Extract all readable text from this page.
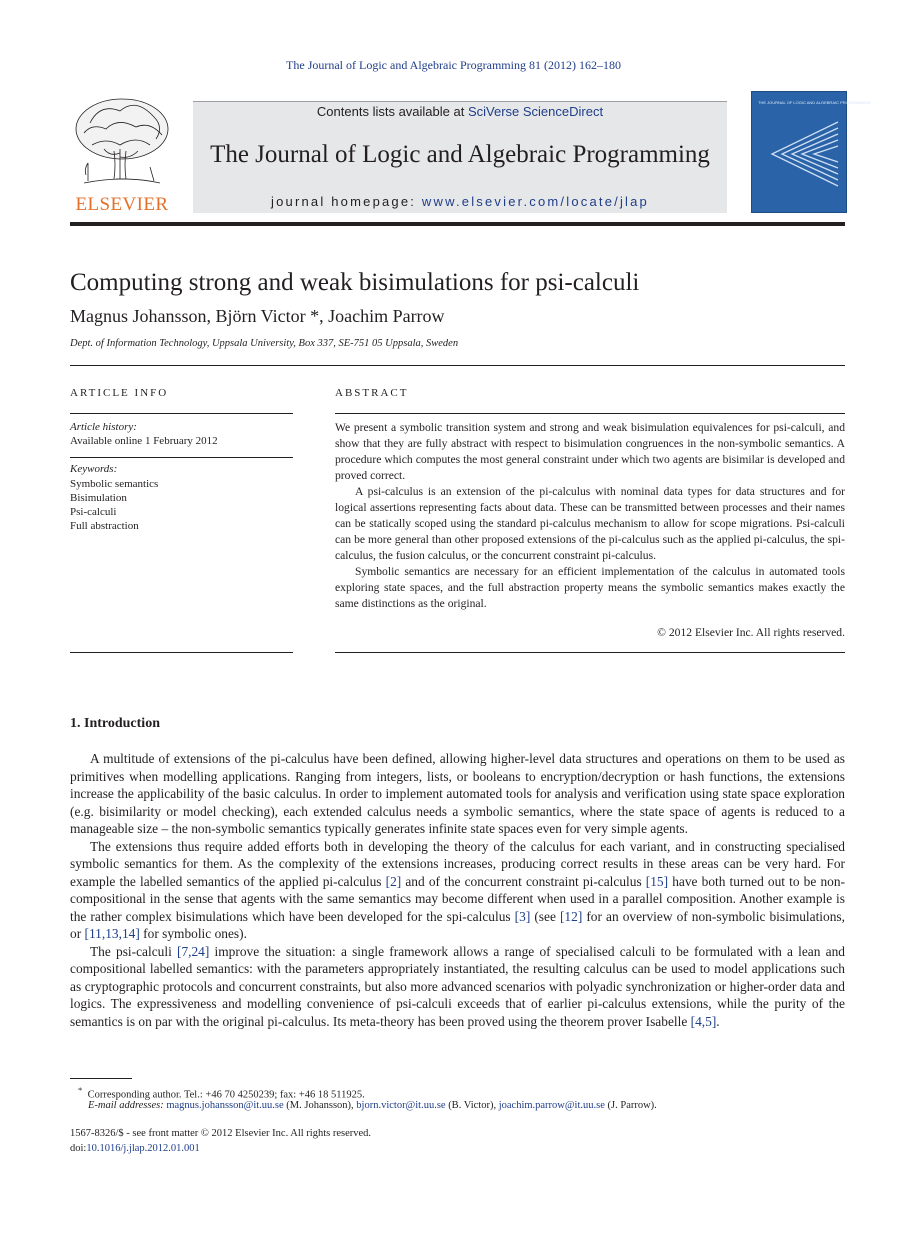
The Journal of Logic and Algebraic Programming 81 (2012) 162–180
ELSEVIER
Contents lists available at SciVerse ScienceDirect
The Journal of Logic and Algebraic Programming
journal homepage: www.elsevier.com/locate/jlap
THE JOURNAL OF LOGIC AND ALGEBRAIC PROGRAMMING
Computing strong and weak bisimulations for psi-calculi
Magnus Johansson, Björn Victor *, Joachim Parrow
Dept. of Information Technology, Uppsala University, Box 337, SE-751 05 Uppsala, Sweden
ARTICLE INFO	ABSTRACT
Article history:
Available online 1 February 2012
Keywords:
Symbolic semantics
Bisimulation
Psi-calculi
Full abstraction

We present a symbolic transition system and strong and weak bisimulation equivalences for psi-calculi, and show that they are fully abstract with respect to bisimulation congruences in the non-symbolic semantics. A procedure which computes the most general constraint under which two agents are bisimilar is developed and proved correct.

A psi-calculus is an extension of the pi-calculus with nominal data types for data structures and for logical assertions representing facts about data. These can be transmitted between processes and their names can be statically scoped using the standard pi-calculus mechanism to allow for scope migrations. Psi-calculi can be more general than other proposed extensions of the pi-calculus such as the applied pi-calculus, the spi-calculus, the fusion calculus, or the concurrent constraint pi-calculus.

Symbolic semantics are necessary for an efficient implementation of the calculus in automated tools exploring state spaces, and the full abstraction property means the symbolic semantics makes exactly the same distinctions as the original.

© 2012 Elsevier Inc. All rights reserved.
1. Introduction

A multitude of extensions of the pi-calculus have been defined, allowing higher-level data structures and operations on them to be used as primitives when modelling applications. Ranging from integers, lists, or booleans to encryption/decryption or hash functions, the extensions increase the applicability of the basic calculus. In order to implement automated tools for analysis and verification using state space exploration (e.g. bisimilarity or model checking), each extended calculus needs a symbolic semantics, where the state space of agents is reduced to a manageable size – the non-symbolic semantics typically generates infinite state spaces even for very simple agents.

The extensions thus require added efforts both in developing the theory of the calculus for each variant, and in constructing specialised symbolic semantics for them. As the complexity of the extensions increases, producing correct results in these areas can be very hard. For example the labelled semantics of the applied pi-calculus [2] and of the concurrent constraint pi-calculus [15] have both turned out to be non-compositional in the sense that agents with the same semantics may become different when used in a parallel composition. Another example is the rather complex bisimulations which have been developed for the spi-calculus [3] (see [12] for an overview of non-symbolic bisimulations, or [11,13,14] for symbolic ones).

The psi-calculi [7,24] improve the situation: a single framework allows a range of specialised calculi to be formulated with a lean and compositional labelled semantics: with the parameters appropriately instantiated, the resulting calculus can be used to model applications such as cryptographic protocols and concurrent constraints, but also more advanced scenarios with polyadic synchronization or higher-order data and logics. The expressiveness and modelling convenience of psi-calculi exceeds that of earlier pi-calculus extensions, while the purity of the semantics is on par with the original pi-calculus. Its meta-theory has been proved using the theorem prover Isabelle [4,5].

* Corresponding author. Tel.: +46 70 4250239; fax: +46 18 511925.
E-mail addresses: magnus.johansson@it.uu.se (M. Johansson), bjorn.victor@it.uu.se (B. Victor), joachim.parrow@it.uu.se (J. Parrow).
1567-8326/$ - see front matter © 2012 Elsevier Inc. All rights reserved.
doi:10.1016/j.jlap.2012.01.001
